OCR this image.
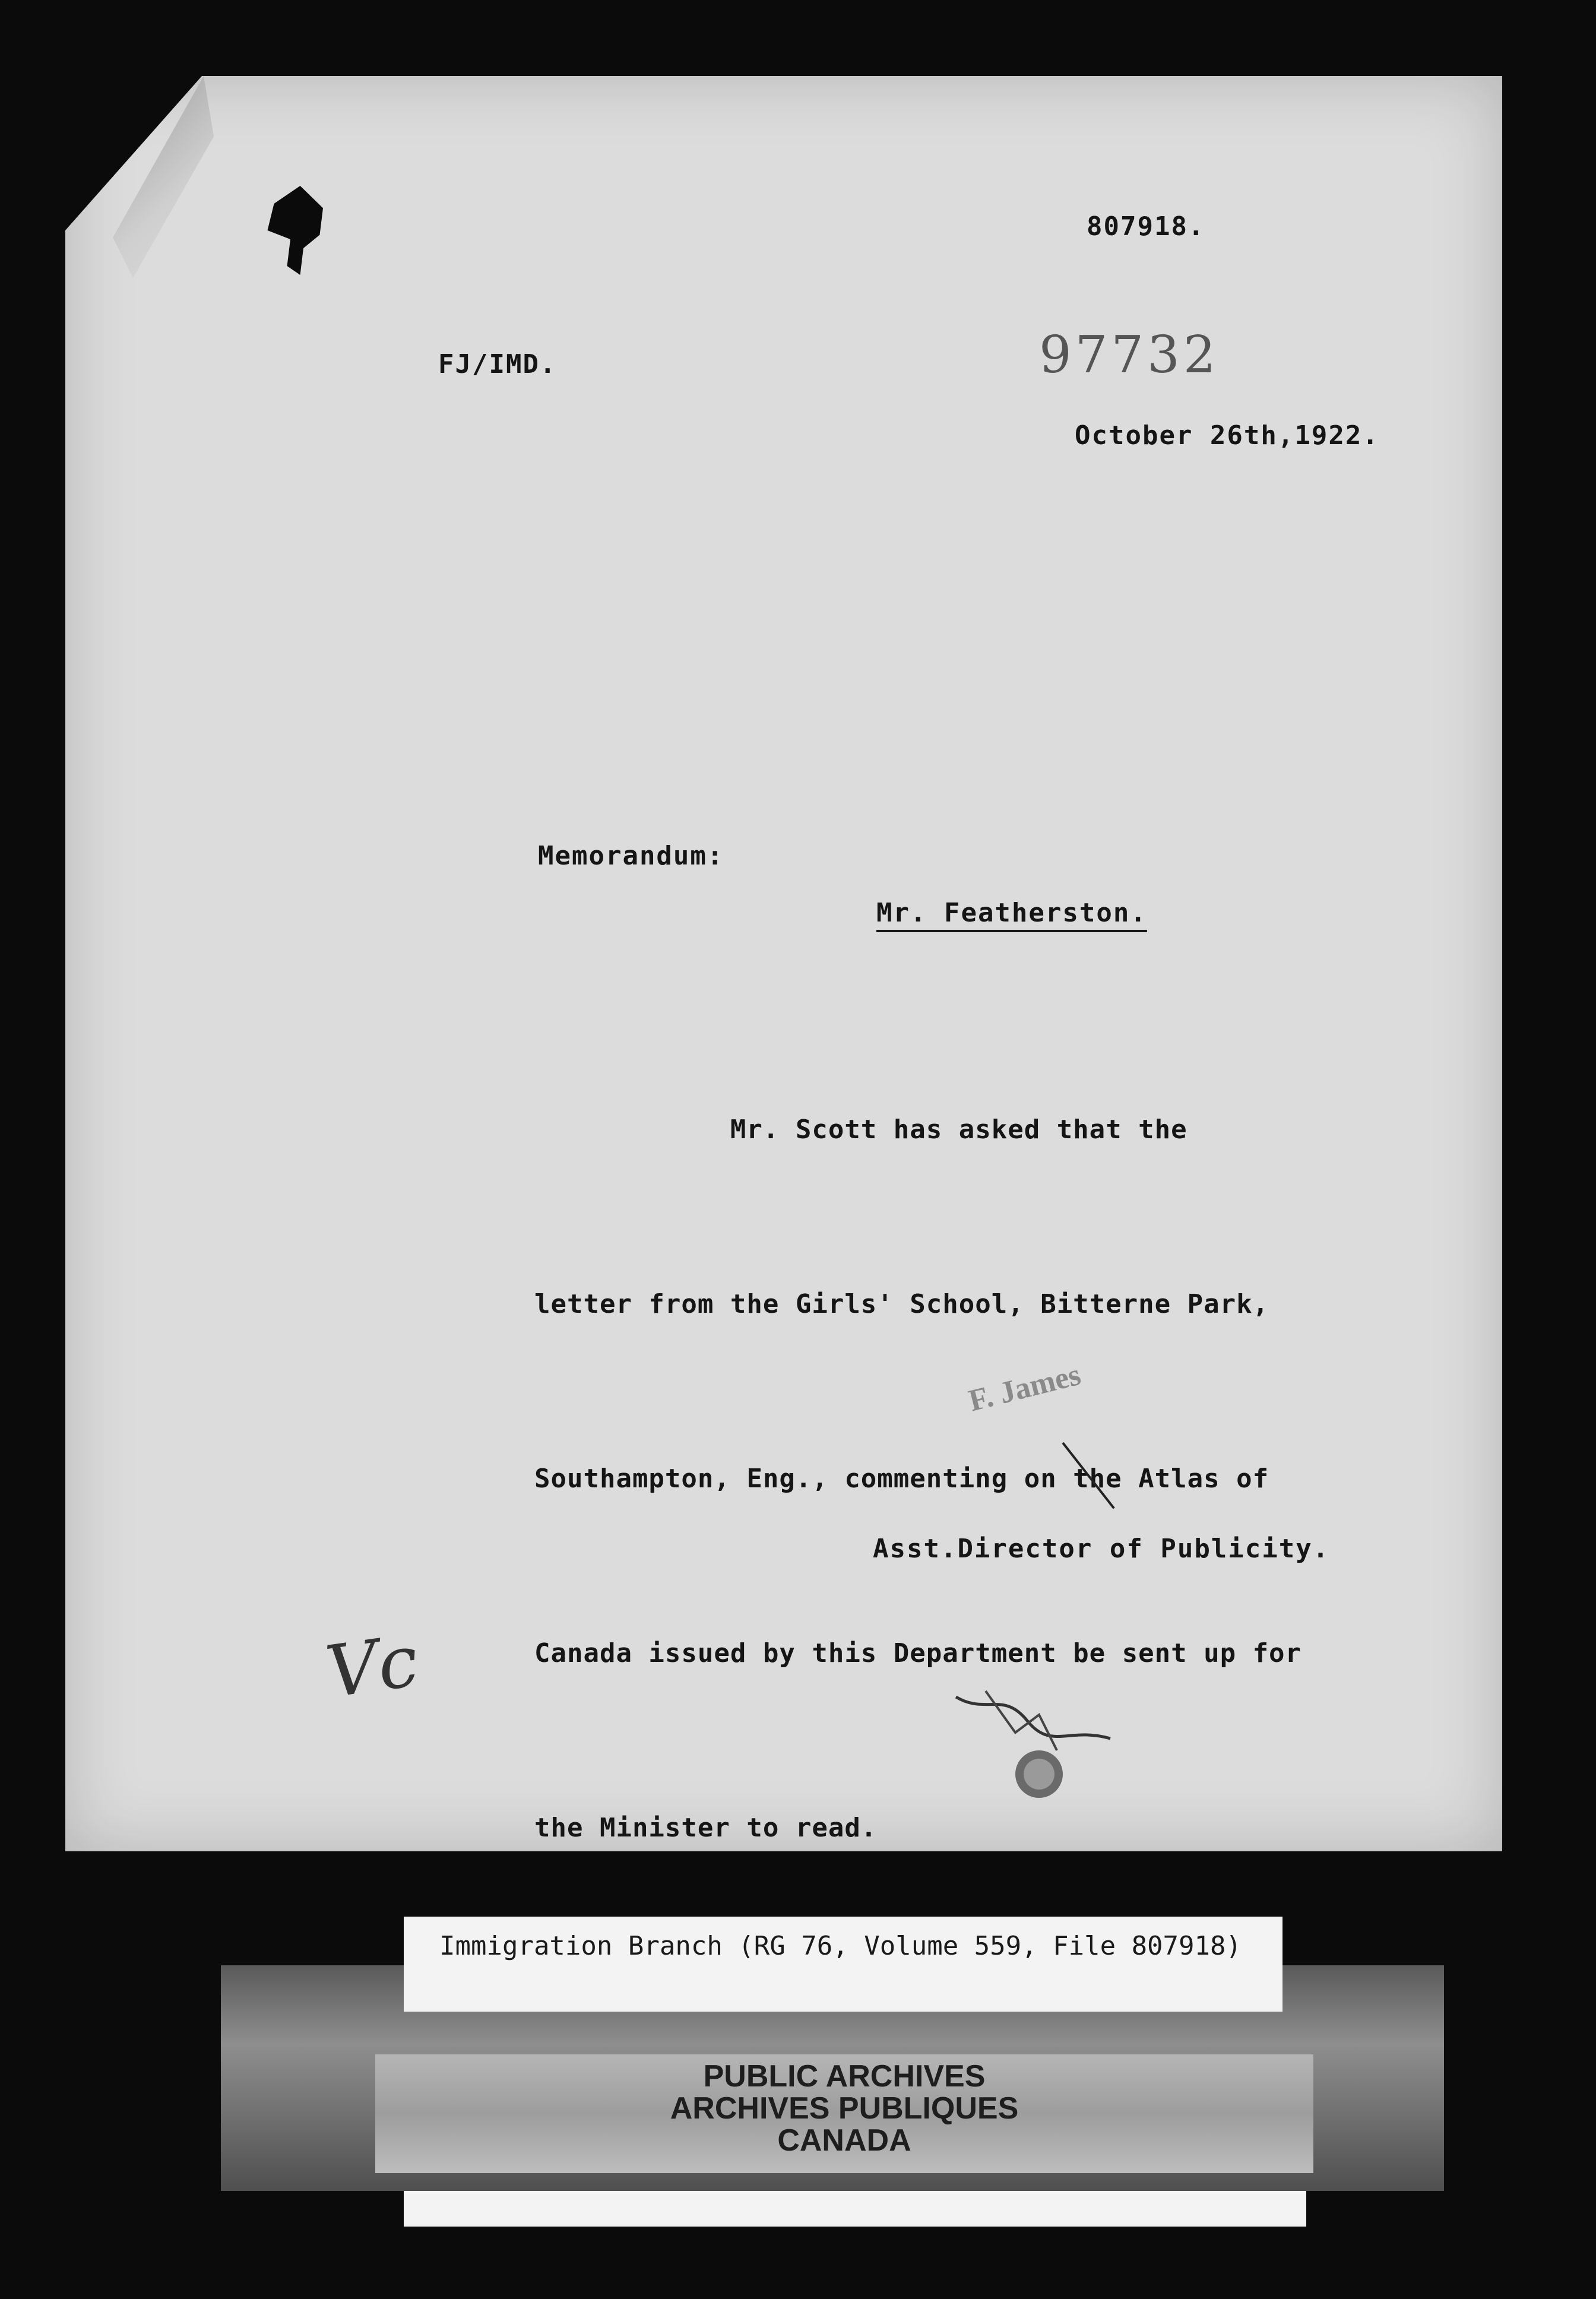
807918.
FJ/IMD.	97732
October 26th,1922.
Memorandum:
Mr. Featherston.

Mr. Scott has asked that the

letter from the Girls' School, Bitterne Park,

Southampton, Eng., commenting on the Atlas of

Canada issued by this Department be sent up for

the Minister to read.

F. James
Asst.Director of Publicity.
Vc
PUBLIC ARCHIVES
ARCHIVES PUBLIQUES
CANADA
Immigration Branch (RG 76, Volume 559, File 807918)
